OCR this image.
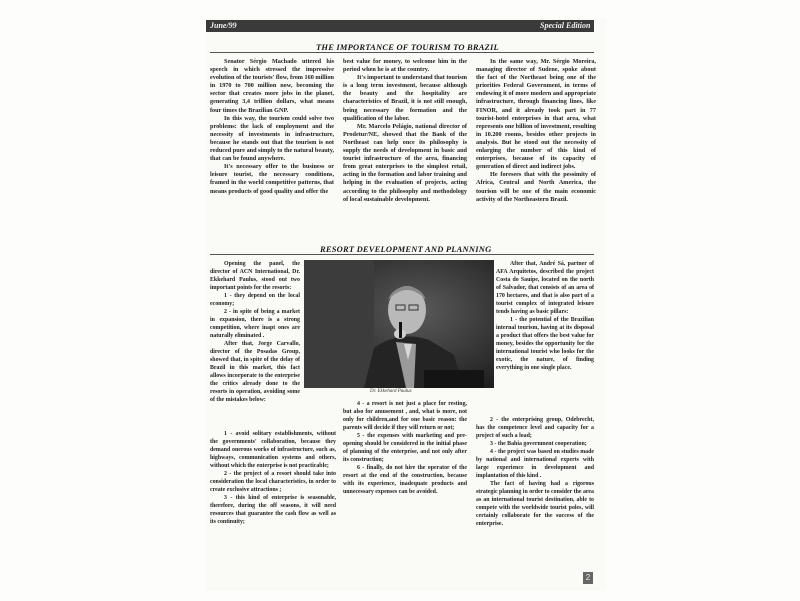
June/99	Special Edition
THE IMPORTANCE OF TOURISM TO BRAZIL

Senator Sérgio Machado uttered his speech in which stressed the impressive evolution of the tourists' flow, from 160 million in 1970 to 700 million now, becoming the sector that creates more jobs in the planet, generating 3,4 trillion dollars, what means four times the Brazilian GNP.

In this way, the tourism could solve two problems: the lack of employment and the necessity of investments in infrastructure, because he stands out that the tourism is not reduced pure and simply to the natural beauty, that can be found anywhere.

It's necessary offer to the business or leisure tourist, the necessary conditions, framed in the world competitive patterns, that means products of good quality and offer the

best value for money, to welcome him in the period when he is at the country.

It's important to understand that tourism is a long term investment, because although the beauty and the hospitality are characteristics of Brazil, it is not still enough, being necessary the formation and the qualification of the labor.

Mr. Marcelo Pelágio, national director of Prodetur/NE, showed that the Bank of the Northeast can help once its philosophy is supply the needs of development in basic and tourist infrastructure of the area, financing from great enterprises to the simplest retail, acting in the formation and labor training and helping in the evaluation of projects, acting according to the philosophy and methodology of local sustainable development.

In the same way, Mr. Sérgio Moreira, managing director of Sudene, spoke about the fact of the Northeast being one of the priorities Federal Government, in terms of endowing it of more modern and appropriate infrastructure, through financing lines, like FINOR, and it already took part in 77 tourist-hotel enterprises in that area, what represents one billion of investment, resulting in 10.200 rooms, besides other projects in analysis. But he stood out the necessity of enlarging the number of this kind of enterprises, because of its capacity of generation of direct and indirect jobs.

He foresees that with the pessimity of Africa, Central and North America, the tourism will be one of the main economic activity of the Northeastern Brazil.

RESORT DEVELOPMENT AND PLANNING

Opening the panel, the director of ACN International, Dr. Ekkehard Paulus, stood out two important points for the resorts:

1 - they depend on the local economy;

2 - in spite of being a market in expansion, there is a strong competition, where inapt ones are naturally eliminated .

After that, Jorge Carvallo, director of the Posadas Group, showed that, in spite of the delay of Brazil in this market, this fact allows incorporate to the enterprise the critics already done to the resorts in operation, avoiding some of the mistakes below:

1 - avoid solitary establishments, without the governments' collaboration, because they demand onerous works of infrastructure, such as, highways, communication systems and others, without which the enterprise is not practicable;

2 - the project of a resort should take into consideration the local characteristics, in order to create exclusive attractions ;

3 - this kind of enterprise is seasonable, therefore, during the off seasons, it will need resources that guarantee the cash flow as well as its continuity;

Dr. Ekkehard Paulus

4 - a resort is not just a place for resting, but also for amusement , and, what is more, not only for children,and for one basic reason: the parents will decide if they will return or not;

5 - the expenses with marketing and pre-opening should be considered in the initial phase of planning of the enterprise, and not only after its construction;

6 - finally, do not hire the operator of the resort at the end of the construction, because with its experience, inadequate products and unnecessary expenses can be avoided.

After that, André Sá, partner of AFA Arquitetos, described the project Costa do Sauípe, located on the north of Salvador, that consists of an area of 170 hectares, and that is also part of a tourist complex of integrated leisure tends having as basic pillars:

1 - the potential of the Brazilian internal tourism, having at its disposal a product that offers the best value for money, besides the opportunity for the international tourist who looks for the exotic, the nature, of finding everything in one single place.

2 - the enterprising group, Odebrecht, has the competence level and capacity for a project of such a load;

3 - the Bahia government cooperation;

4 - the project was based on studies made by national and international experts with large experience in development and implantation of this kind .

The fact of having had a rigorous strategic planning in order to consider the area as an international tourist destination, able to compete with the worldwide tourist poles, will certainly collaborate for the success of the enterprise.

2
